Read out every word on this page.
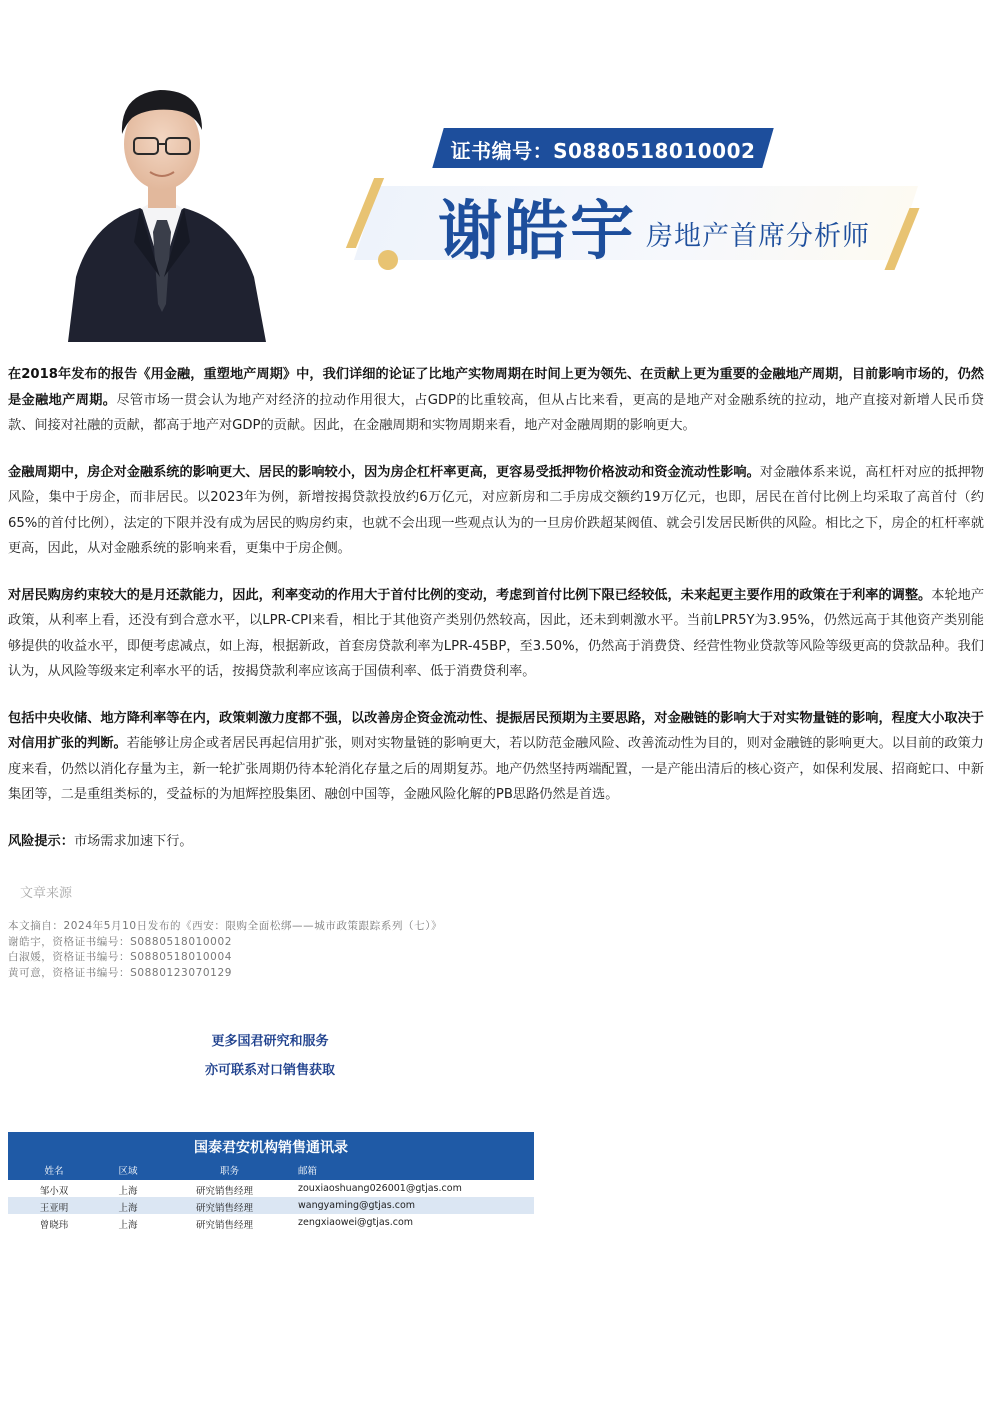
证书编号：S0880518010002
谢皓宇 房地产首席分析师

在2018年发布的报告《用金融，重塑地产周期》中，我们详细的论证了比地产实物周期在时间上更为领先、在贡献上更为重要的金融地产周期，目前影响市场的，仍然是金融地产周期。尽管市场一贯会认为地产对经济的拉动作用很大，占GDP的比重较高，但从占比来看，更高的是地产对金融系统的拉动，地产直接对新增人民币贷款、间接对社融的贡献，都高于地产对GDP的贡献。因此，在金融周期和实物周期来看，地产对金融周期的影响更大。

金融周期中，房企对金融系统的影响更大、居民的影响较小，因为房企杠杆率更高，更容易受抵押物价格波动和资金流动性影响。对金融体系来说，高杠杆对应的抵押物风险，集中于房企，而非居民。以2023年为例，新增按揭贷款投放约6万亿元，对应新房和二手房成交额约19万亿元，也即，居民在首付比例上均采取了高首付（约65%的首付比例），法定的下限并没有成为居民的购房约束，也就不会出现一些观点认为的一旦房价跌超某阀值、就会引发居民断供的风险。相比之下，房企的杠杆率就更高，因此，从对金融系统的影响来看，更集中于房企侧。

对居民购房约束较大的是月还款能力，因此，利率变动的作用大于首付比例的变动，考虑到首付比例下限已经较低，未来起更主要作用的政策在于利率的调整。本轮地产政策，从利率上看，还没有到合意水平，以LPR-CPI来看，相比于其他资产类别仍然较高，因此，还未到刺激水平。当前LPR5Y为3.95%，仍然远高于其他资产类别能够提供的收益水平，即便考虑减点，如上海，根据新政，首套房贷款利率为LPR-45BP，至3.50%，仍然高于消费贷、经营性物业贷款等风险等级更高的贷款品种。我们认为，从风险等级来定利率水平的话，按揭贷款利率应该高于国债利率、低于消费贷利率。

包括中央收储、地方降利率等在内，政策刺激力度都不强，以改善房企资金流动性、提振居民预期为主要思路，对金融链的影响大于对实物量链的影响，程度大小取决于对信用扩张的判断。若能够让房企或者居民再起信用扩张，则对实物量链的影响更大，若以防范金融风险、改善流动性为目的，则对金融链的影响更大。以目前的政策力度来看，仍然以消化存量为主，新一轮扩张周期仍待本轮消化存量之后的周期复苏。地产仍然坚持两端配置，一是产能出清后的核心资产，如保利发展、招商蛇口、中新集团等，二是重组类标的，受益标的为旭辉控股集团、融创中国等，金融风险化解的PB思路仍然是首选。

风险提示：市场需求加速下行。

文章来源
本文摘自：2024年5月10日发布的《西安：限购全面松绑——城市政策跟踪系列（七）》
谢皓宇，资格证书编号：S0880518010002
白淑媛，资格证书编号：S0880518010004
黄可意，资格证书编号：S0880123070129
更多国君研究和服务
亦可联系对口销售获取
国泰君安机构销售通讯录
姓名	区域	职务	邮箱
邹小双	上海	研究销售经理	zouxiaoshuang026001@gtjas.com
王亚明	上海	研究销售经理	wangyaming@gtjas.com
曾晓玮	上海	研究销售经理	zengxiaowei@gtjas.com
